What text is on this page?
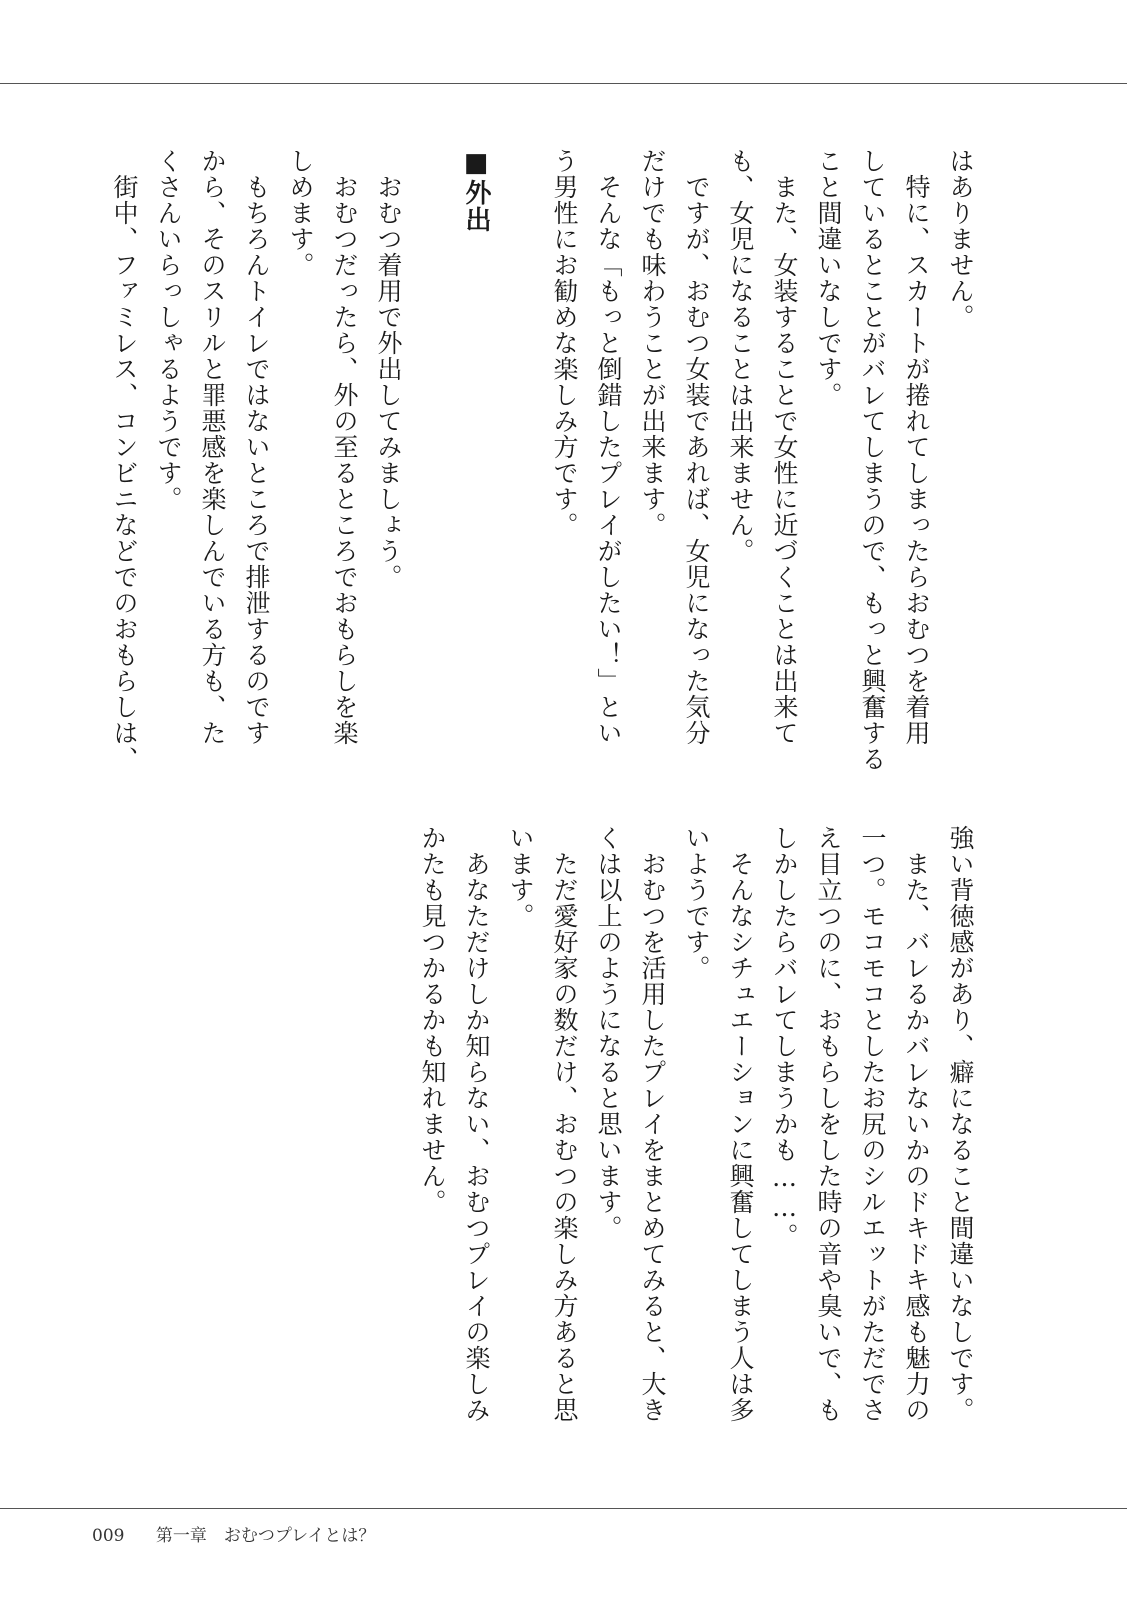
はありません。

　特に、スカートが捲れてしまったらおむつを着用

しているとことがバレてしまうので、もっと興奮する

こと間違いなしです。

　また、女装することで女性に近づくことは出来て

も、女児になることは出来ません。

　ですが、おむつ女装であれば、女児になった気分

だけでも味わうことが出来ます。

　そんな「もっと倒錯したプレイがしたい！」とい

う男性にお勧めな楽しみ方です。

■外出

　おむつ着用で外出してみましょう。

　おむつだったら、外の至るところでおもらしを楽

しめます。

　もちろんトイレではないところで排泄するのです

から、そのスリルと罪悪感を楽しんでいる方も、た

くさんいらっしゃるようです。

　街中、ファミレス、コンビニなどでのおもらしは、

強い背徳感があり、癖になること間違いなしです。

　また、バレるかバレないかのドキドキ感も魅力の

一つ。モコモコとしたお尻のシルエットがただでさ

え目立つのに、おもらしをした時の音や臭いで、も

しかしたらバレてしまうかも……。

　そんなシチュエーションに興奮してしまう人は多

いようです。

　おむつを活用したプレイをまとめてみると、大き

くは以上のようになると思います。

　ただ愛好家の数だけ、おむつの楽しみ方あると思

います。

　あなただけしか知らない、おむつプレイの楽しみ

かたも見つかるかも知れません。

009 第一章　おむつプレイとは？
